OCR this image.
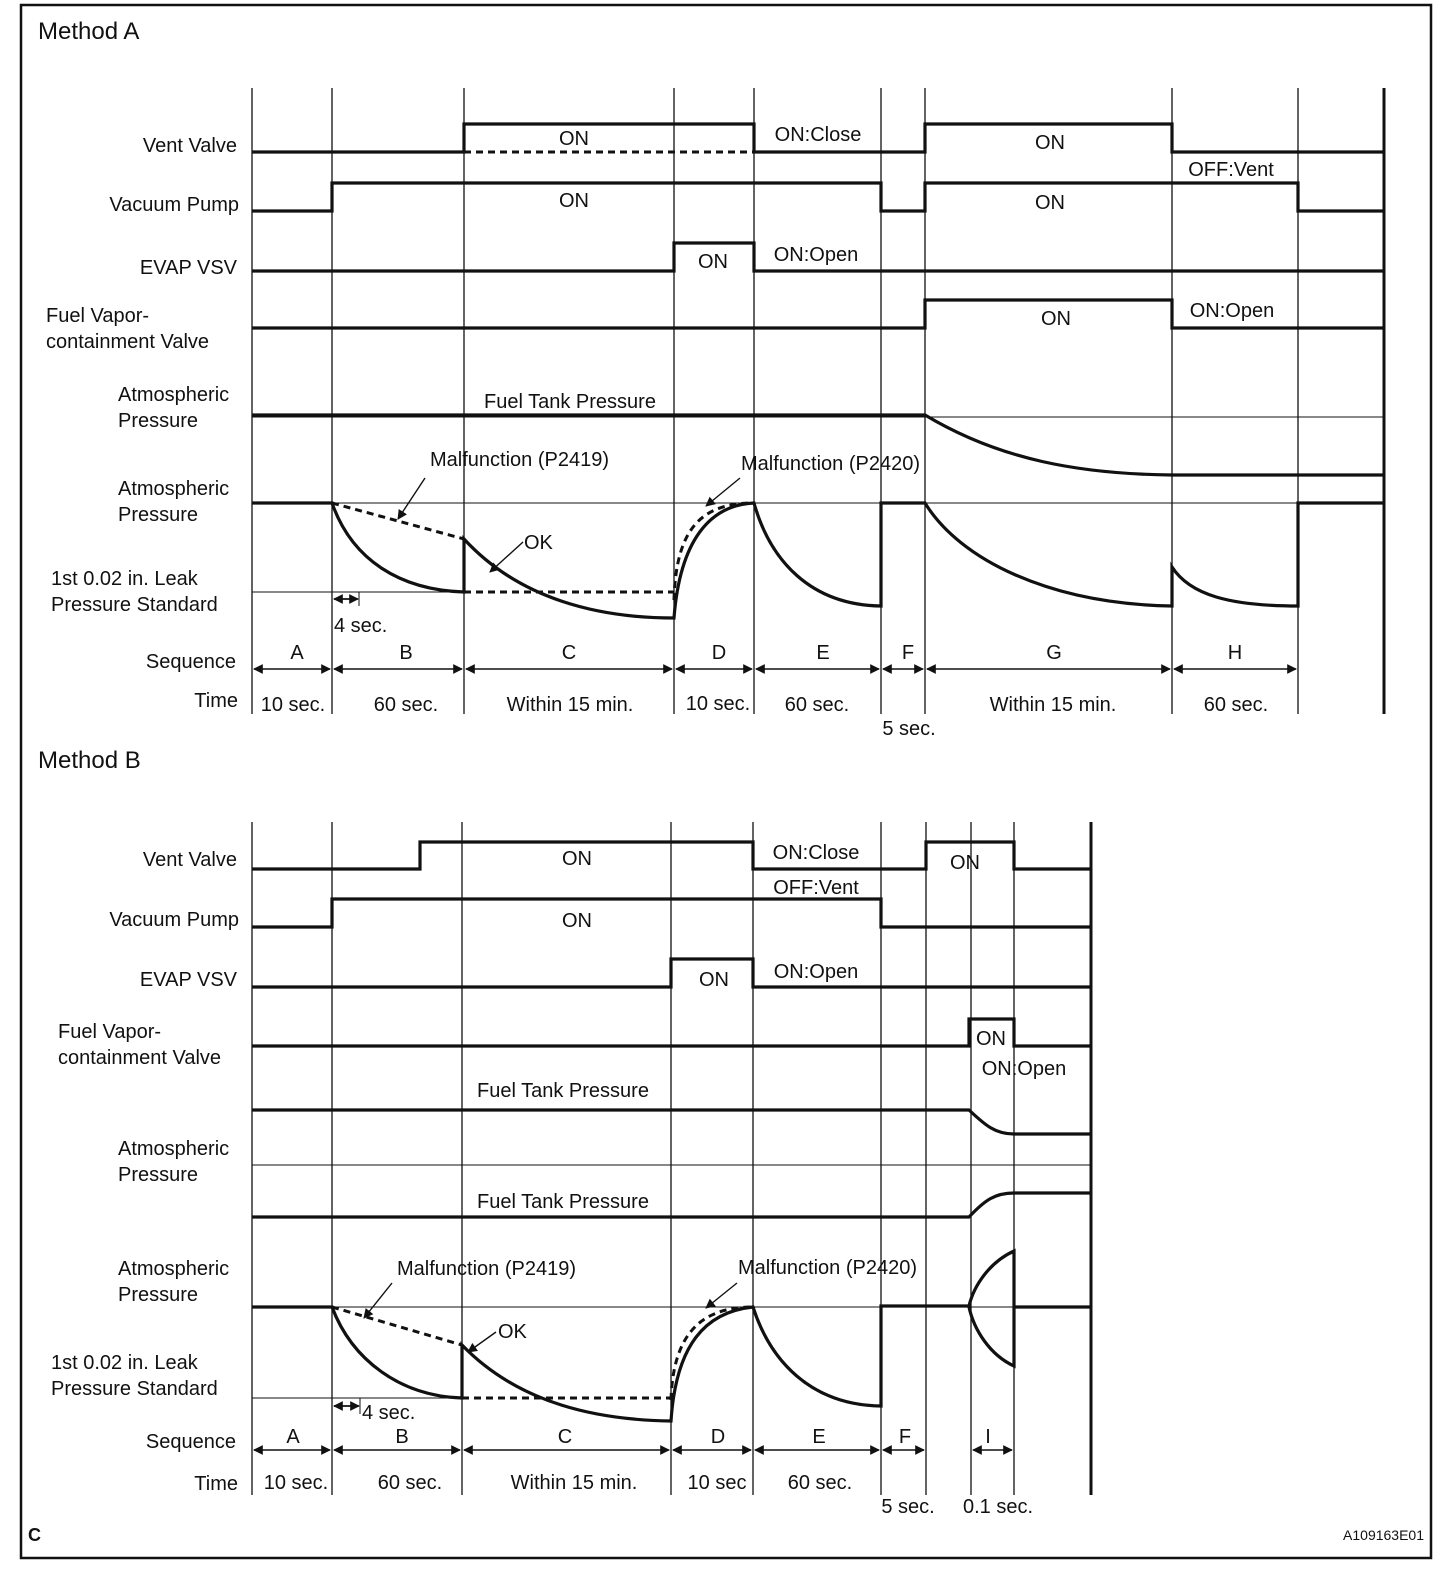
Method A
Vent Valve
Vacuum Pump
EVAP VSV
Fuel Vapor-
containment Valve
Atmospheric
Pressure
Atmospheric
Pressure
1st 0.02 in. Leak
Pressure Standard
Sequence
Time
ON	ON:Close	ON
OFF:Vent
ON	ON
ON ON:Open
ON	ON:Open
Fuel Tank Pressure
Malfunction (P2419)	Malfunction (P2420)
OK
4 sec.
A	B	C	D	E	F	G	H
10 sec. 60 sec.	Within 15 min.	10 sec. 60 sec.
5 sec.
Within 15 min.	60 sec.
Method B
Vent Valve
Vacuum Pump
EVAP VSV
Fuel Vapor-
containment Valve
Atmospheric
Pressure
Atmospheric
Pressure
1st 0.02 in. Leak
Pressure Standard
Sequence
Time
ON	ON:Close
OFF:Vent
ON
ON
ON ON:Open
ON
ON:Open
Fuel Tank Pressure
Fuel Tank Pressure
Malfunction (P2419)	Malfunction (P2420)
OK
4 sec.
A	B	C	D	E	F	I
10 sec. 60 sec.	Within 15 min.	10 sec 60 sec.
5 sec. 0.1 sec.
C	A109163E01
